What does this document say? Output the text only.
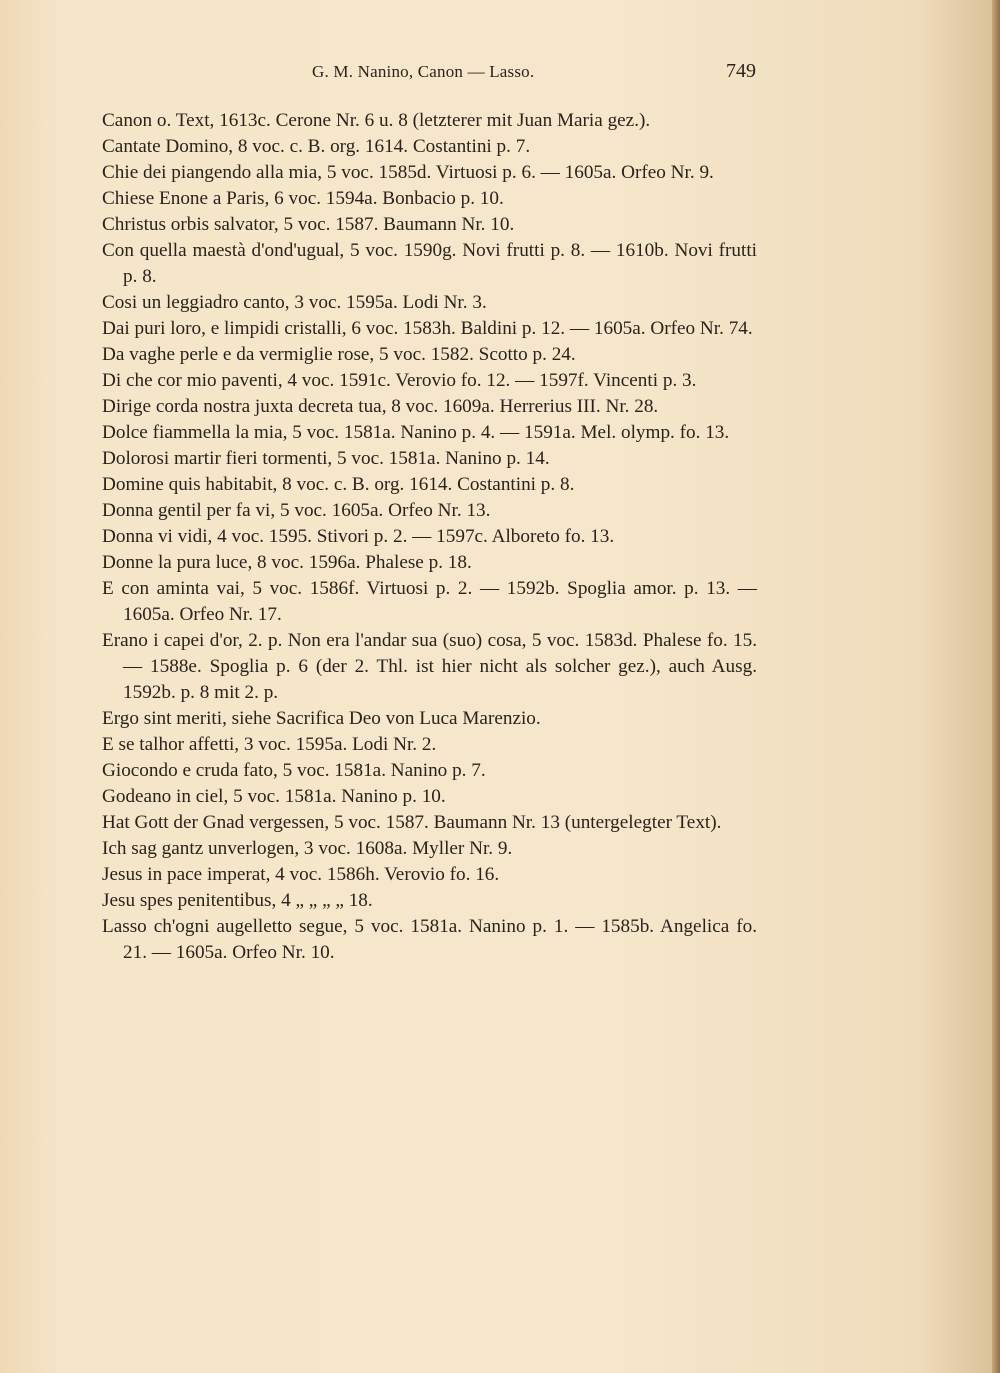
G. M. Nanino, Canon — Lasso.	749
Canon o. Text, 1613c. Cerone Nr. 6 u. 8 (letzterer mit Juan Maria gez.).
Cantate Domino, 8 voc. c. B. org. 1614. Costantini p. 7.
Chie dei piangendo alla mia, 5 voc. 1585d. Virtuosi p. 6. — 1605a. Orfeo Nr. 9.
Chiese Enone a Paris, 6 voc. 1594a. Bonbacio p. 10.
Christus orbis salvator, 5 voc. 1587. Baumann Nr. 10.
Con quella maestà d'ond'ugual, 5 voc. 1590g. Novi frutti p. 8. — 1610b. Novi frutti p. 8.
Cosi un leggiadro canto, 3 voc. 1595a. Lodi Nr. 3.
Dai puri loro, e limpidi cristalli, 6 voc. 1583h. Baldini p. 12. — 1605a. Orfeo Nr. 74.
Da vaghe perle e da vermiglie rose, 5 voc. 1582. Scotto p. 24.
Di che cor mio paventi, 4 voc. 1591c. Verovio fo. 12. — 1597f. Vincenti p. 3.
Dirige corda nostra juxta decreta tua, 8 voc. 1609a. Herrerius III. Nr. 28.
Dolce fiammella la mia, 5 voc. 1581a. Nanino p. 4. — 1591a. Mel. olymp. fo. 13.
Dolorosi martir fieri tormenti, 5 voc. 1581a. Nanino p. 14.
Domine quis habitabit, 8 voc. c. B. org. 1614. Costantini p. 8.
Donna gentil per fa vi, 5 voc. 1605a. Orfeo Nr. 13.
Donna vi vidi, 4 voc. 1595. Stivori p. 2. — 1597c. Alboreto fo. 13.
Donne la pura luce, 8 voc. 1596a. Phalese p. 18.
E con aminta vai, 5 voc. 1586f. Virtuosi p. 2. — 1592b. Spoglia amor. p. 13. — 1605a. Orfeo Nr. 17.
Erano i capei d'or, 2. p. Non era l'andar sua (suo) cosa, 5 voc. 1583d. Phalese fo. 15. — 1588e. Spoglia p. 6 (der 2. Thl. ist hier nicht als solcher gez.), auch Ausg. 1592b. p. 8 mit 2. p.
Ergo sint meriti, siehe Sacrifica Deo von Luca Marenzio.
E se talhor affetti, 3 voc. 1595a. Lodi Nr. 2.
Giocondo e cruda fato, 5 voc. 1581a. Nanino p. 7.
Godeano in ciel, 5 voc. 1581a. Nanino p. 10.
Hat Gott der Gnad vergessen, 5 voc. 1587. Baumann Nr. 13 (untergelegter Text).
Ich sag gantz unverlogen, 3 voc. 1608a. Myller Nr. 9.
Jesus in pace imperat, 4 voc. 1586h. Verovio fo. 16.
Jesu spes penitentibus, 4 „ „ „ „ 18.
Lasso ch'ogni augelletto segue, 5 voc. 1581a. Nanino p. 1. — 1585b. Angelica fo. 21. — 1605a. Orfeo Nr. 10.
